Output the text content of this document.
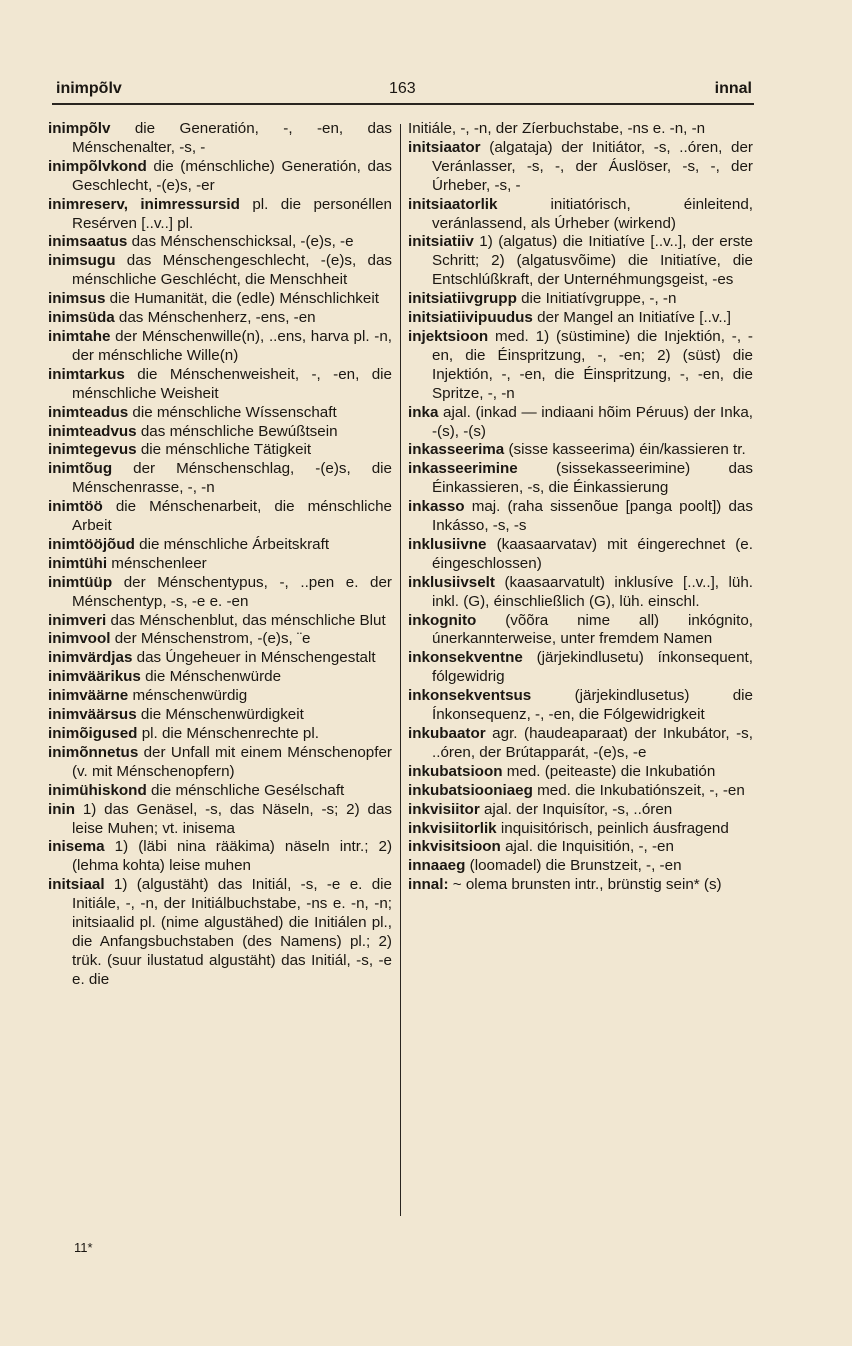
inimpõlv	163	innal

inimpõlv die Generatión, -, -en, das Ménschenalter, -s, -

inimpõlvkond die (ménschliche) Generatión, das Geschlecht, -(e)s, -er

inimreserv, inimressursid pl. die personéllen Resérven [..v..] pl.

inimsaatus das Ménschenschicksal, -(e)s, -e

inimsugu das Ménschengeschlecht, -(e)s, das ménschliche Geschlécht, die Menschheit

inimsus die Humanität, die (edle) Ménschlichkeit

inimsüda das Ménschenherz, -ens, -en

inimtahe der Ménschenwille(n), ..ens, harva pl. -n, der ménschliche Wille(n)

inimtarkus die Ménschenweisheit, -, -en, die ménschliche Weisheit

inimteadus die ménschliche Wíssenschaft

inimteadvus das ménschliche Bewúßtsein

inimtegevus die ménschliche Tätigkeit

inimtõug der Ménschenschlag, -(e)s, die Ménschenrasse, -, -n

inimtöö die Ménschenarbeit, die ménschliche Arbeit

inimtööjõud die ménschliche Árbeitskraft

inimtühi ménschenleer

inimtüüp der Ménschentypus, -, ..pen e. der Ménschentyp, -s, -e e. -en

inimveri das Ménschenblut, das ménschliche Blut

inimvool der Ménschenstrom, -(e)s, ¨e

inimvärdjas das Úngeheuer in Ménschengestalt

inimväärikus die Ménschenwürde

inimväärne ménschenwürdig

inimväärsus die Ménschenwürdigkeit

inimõigused pl. die Ménschenrechte pl.

inimõnnetus der Unfall mit einem Ménschenopfer (v. mit Ménschenopfern)

inimühiskond die ménschliche Gesélschaft

inin 1) das Genäsel, -s, das Näseln, -s; 2) das leise Muhen; vt. inisema

inisema 1) (läbi nina rääkima) näseln intr.; 2) (lehma kohta) leise muhen

initsiaal 1) (algustäht) das Initiál, -s, -e e. die Initiále, -, -n, der Initiálbuchstabe, -ns e. -n, -n; initsiaalid pl. (nime algustähed) die Initiálen pl., die Anfangsbuchstaben (des Namens) pl.; 2) trük. (suur ilustatud algustäht) das Initiál, -s, -e e. die

Initiále, -, -n, der Zíerbuchstabe, -ns e. -n, -n

initsiaator (algataja) der Initiátor, -s, ..óren, der Veránlasser, -s, -, der Áuslöser, -s, -, der Úrheber, -s, -

initsiaatorlik	initiatórisch, éinleitend, veránlassend, als Úrheber (wirkend)

initsiatiiv 1) (algatus) die Initiatíve [..v..], der erste Schritt; 2) (algatusvõime) die Initiatíve, die Entschlúßkraft, der Unternéhmungsgeist, -es

initsiatiivgrupp die Initiatívgruppe, -, -n

initsiatiivipuudus der Mangel an Initiatíve [..v..]

injektsioon med. 1) (süstimine) die Injektión, -, -en, die Éinspritzung, -, -en; 2) (süst) die Injektión, -, -en, die Éinspritzung, -, -en, die Spritze, -, -n

inka ajal. (inkad — indiaani hõim Péruus) der Inka, -(s), -(s)

inkasseerima (sisse kasseerima) éin/kassieren tr.

inkasseerimine	(sissekasseerimine) das Éinkassieren, -s, die Éinkassierung

inkasso maj. (raha sissenõue [panga poolt]) das Inkásso, -s, -s

inklusiivne (kaasaarvatav) mit éingerechnet (e. éingeschlossen)

inklusiivselt (kaasaarvatult) inklusíve [..v..], lüh. inkl. (G), éinschließlich (G), lüh. einschl.

inkognito (võõra nime all) inkógnito, únerkannterweise, unter fremdem Namen

inkonsekventne (järjekindlusetu) ínkonsequent, fólgewidrig

inkonsekventsus	(järjekindlusetus) die Ínkonsequenz, -, -en, die Fólgewidrigkeit

inkubaator agr. (haudeaparaat) der Inkubátor, -s, ..óren, der Brútapparát, -(e)s, -e

inkubatsioon med. (peiteaste) die Inkubatión

inkubatsiooniaeg med. die Inkubatiónszeit, -, -en

inkvisiitor ajal. der Inquisítor, -s, ..óren

inkvisiitorlik inquisitórisch, peinlich áusfragend

inkvisitsioon ajal. die Inquisitión, -, -en

innaaeg (loomadel) die Brunstzeit, -, -en

innal: ~ olema brunsten intr., brünstig sein* (s)

11*
